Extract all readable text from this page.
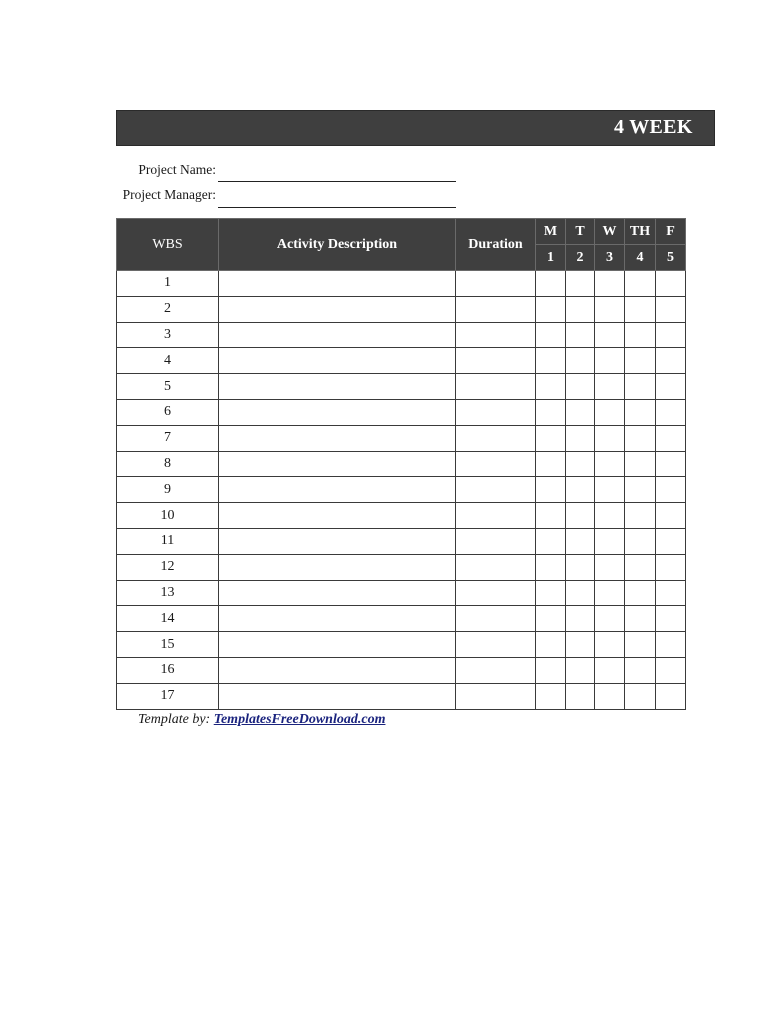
4 WEEK
Project Name:
Project Manager:
WBS	Activity Description	Duration	M	T	W	TH	F
			1	2	3	4	5
1							
2							
3							
4							
5							
6							
7							
8							
9							
10							
11							
12							
13							
14							
15							
16							
17							
Template by: TemplatesFreeDownload.com
